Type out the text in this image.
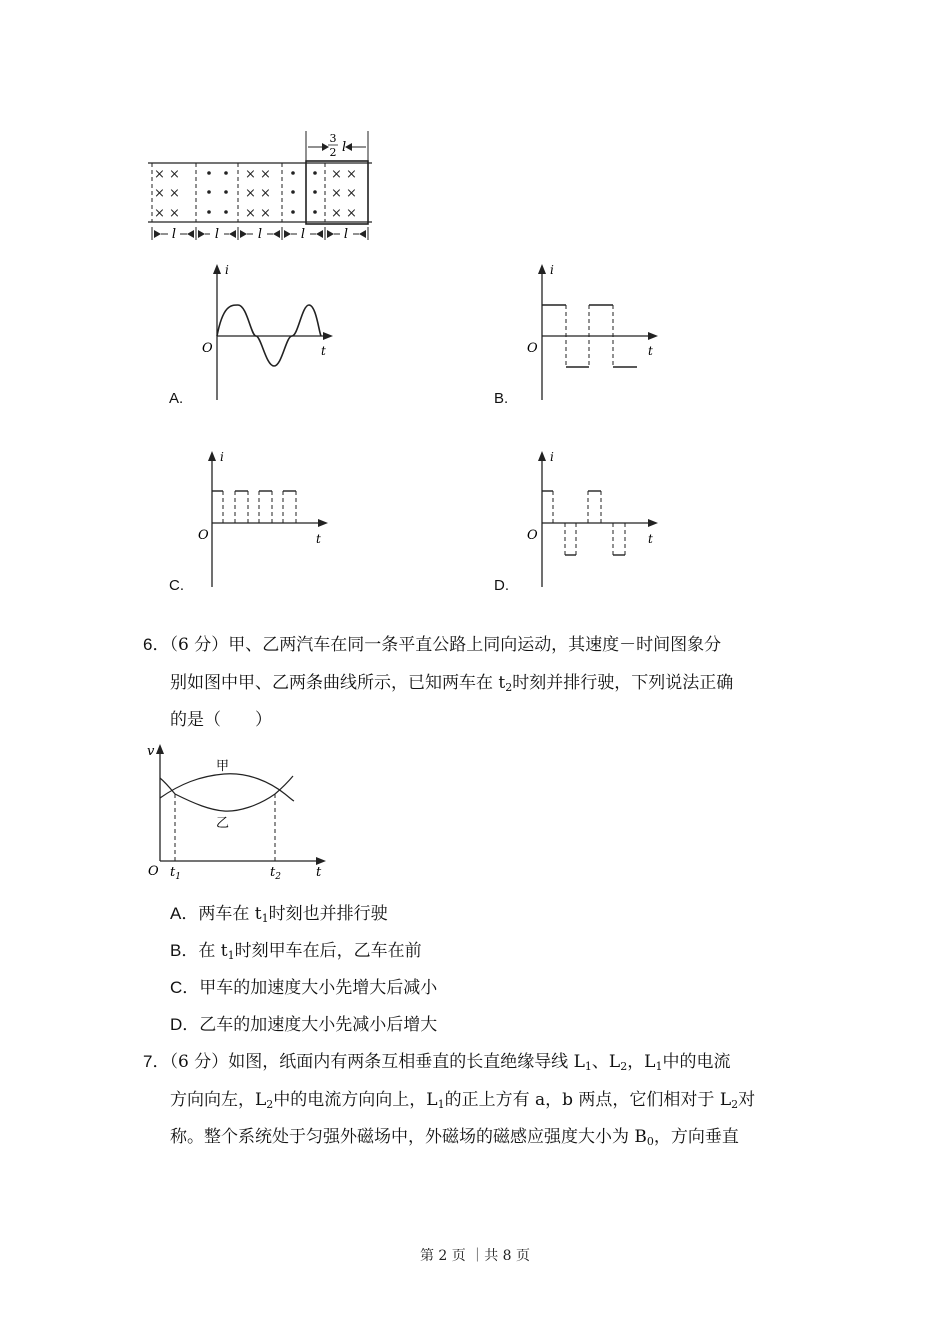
× ×
× ×
× ×
× ×
× ×
× ×
× ×
× ×
× ×
3
2 l
l	l	l	l	l
i
t
O
A.
i
t
O
B.
i
t
O
C.
i
t
O
D.
6．（6 分）甲、乙两汽车在同一条平直公路上同向运动，其速度－时间图象分
别如图中甲、乙两条曲线所示，已知两车在 $t_2$时刻并排行驶，下列说法正确
的是（　　）
v
t
O
甲
乙
$t_1$	$t_2$
A．两车在 $t_1$时刻也并排行驶
B．在 $t_1$时刻甲车在后，乙车在前
C．甲车的加速度大小先增大后减小
D．乙车的加速度大小先减小后增大
7．（6 分）如图，纸面内有两条互相垂直的长直绝缘导线 $L_1$、$L_2$，$L_1$中的电流
方向向左，$L_2$中的电流方向向上，$L_1$的正上方有 a，b 两点，它们相对于 $L_2$对
称。整个系统处于匀强外磁场中，外磁场的磁感应强度大小为 $B_0$，方向垂直
第 2 页 ｜共 8 页
